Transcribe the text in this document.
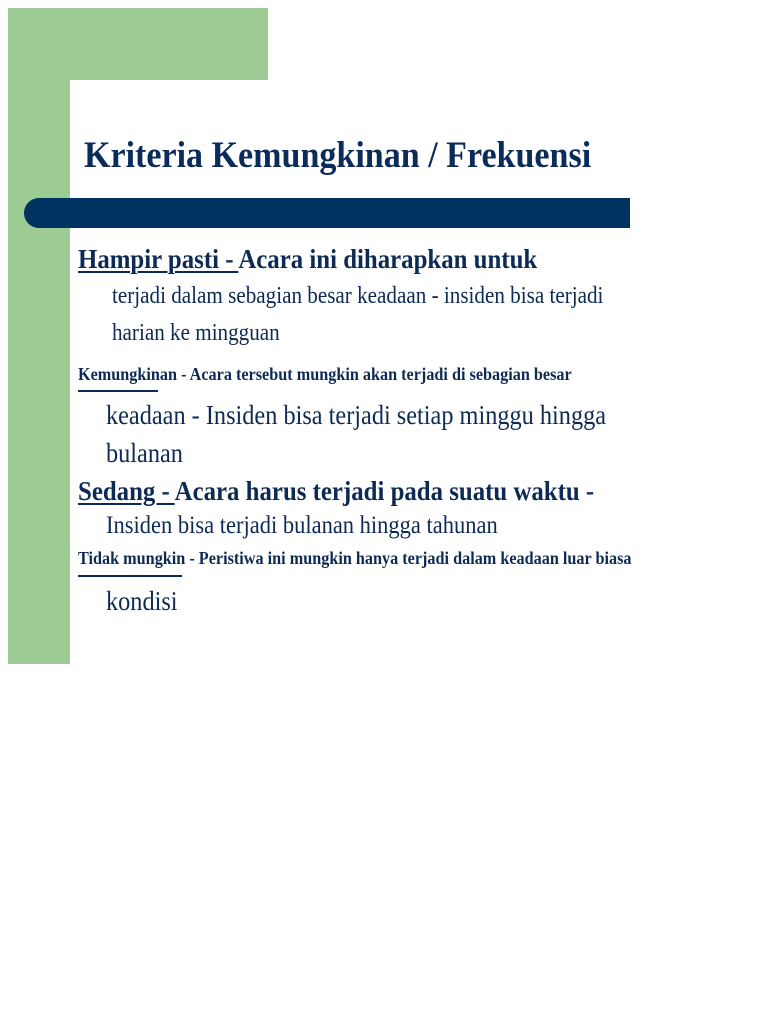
Kriteria Kemungkinan / Frekuensi
Hampir pasti - Acara ini diharapkan untuk
terjadi dalam sebagian besar keadaan - insiden bisa terjadi
harian ke mingguan
Kemungkinan - Acara tersebut mungkin akan terjadi di sebagian besar
keadaan - Insiden bisa terjadi setiap minggu hingga
bulanan
Sedang - Acara harus terjadi pada suatu waktu -
Insiden bisa terjadi bulanan hingga tahunan
Tidak mungkin - Peristiwa ini mungkin hanya terjadi dalam keadaan luar biasa
kondisi
